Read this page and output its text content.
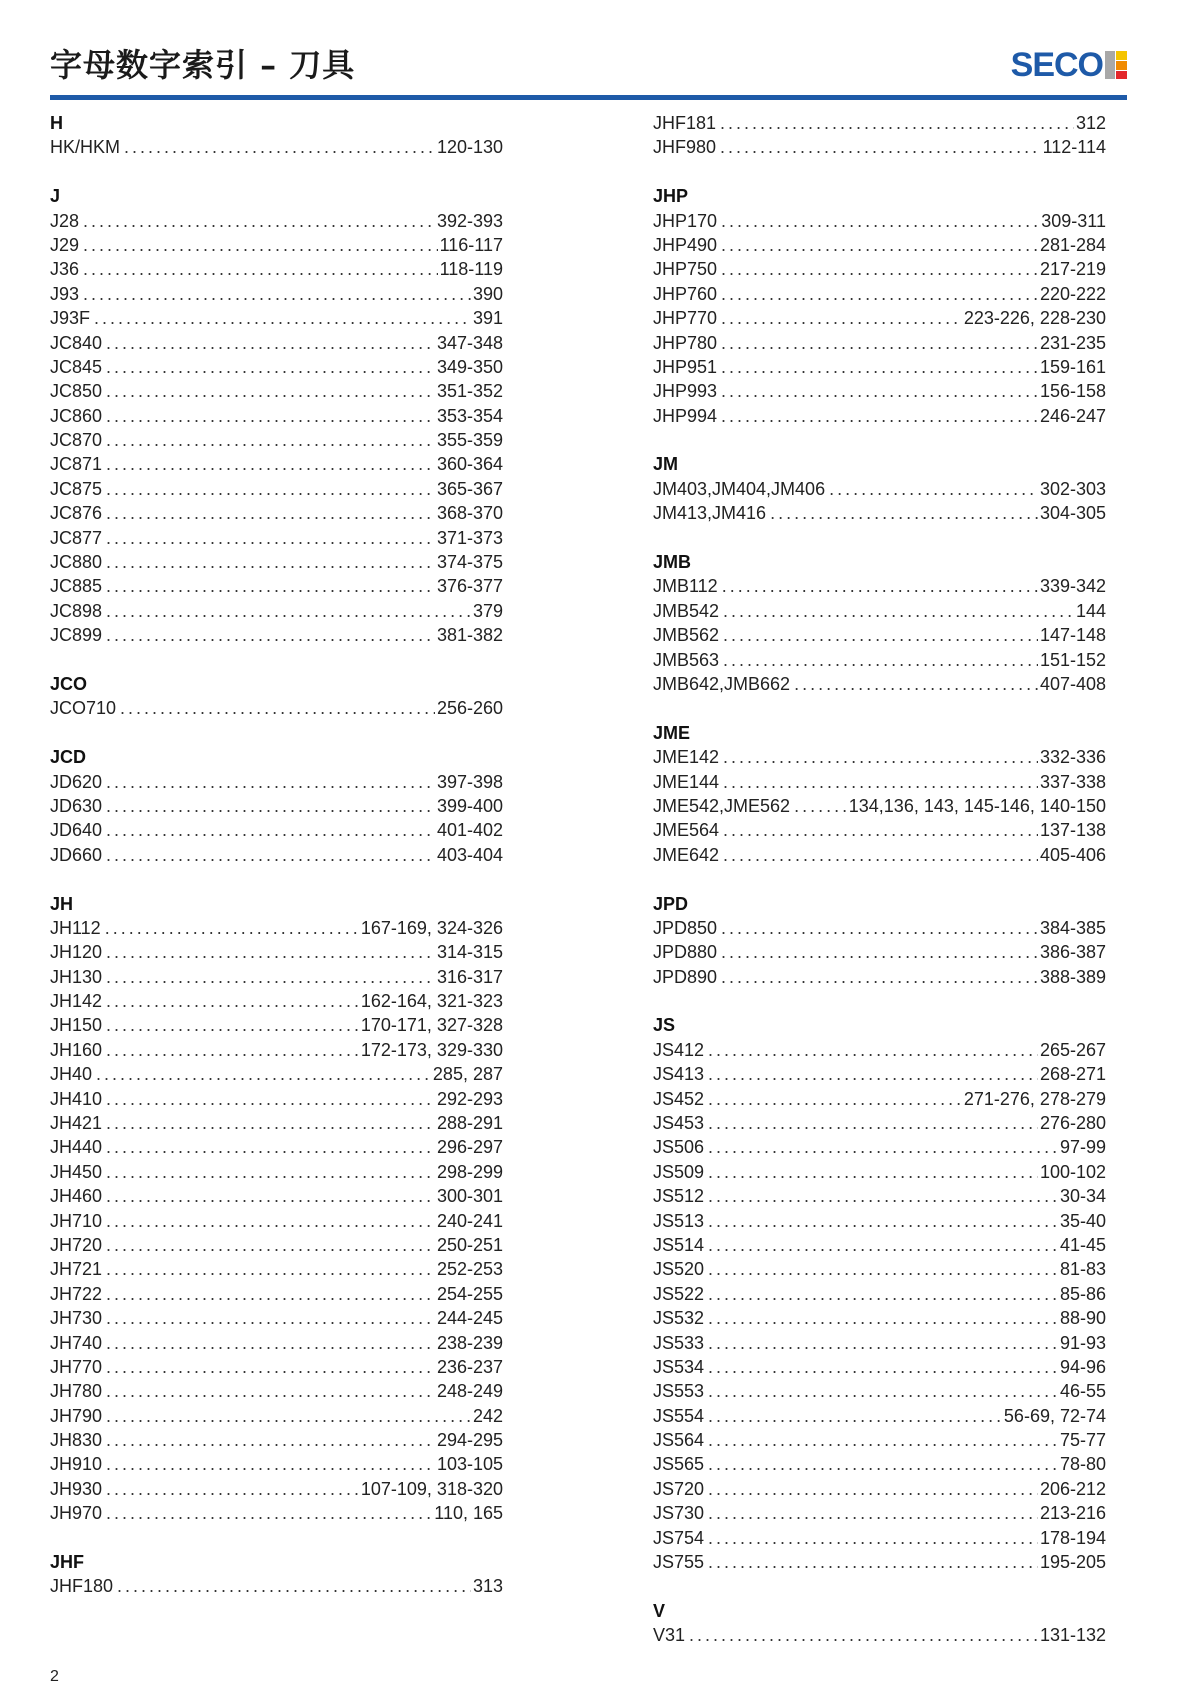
字母数字索引 – 刀具	SECO
H
HK/HKM .....	120-130
J
J28 .....	392-393
J29 .....	116-117
J36 .....	118-119
J93 .....	390
J93F .....	391
JC840 .....	347-348
JC845 .....	349-350
JC850 .....	351-352
JC860 .....	353-354
JC870 .....	355-359
JC871 .....	360-364
JC875 .....	365-367
JC876 .....	368-370
JC877 .....	371-373
JC880 .....	374-375
JC885 .....	376-377
JC898 .....	379
JC899 .....	381-382
JCO
JCO710 .....	256-260
JCD
JD620 .....	397-398
JD630 .....	399-400
JD640 .....	401-402
JD660 .....	403-404
JH
JH112 .....	167-169, 324-326
JH120 .....	314-315
JH130 .....	316-317
JH142 .....	162-164, 321-323
JH150 .....	170-171, 327-328
JH160 .....	172-173, 329-330
JH40 .....	285, 287
JH410 .....	292-293
JH421 .....	288-291
JH440 .....	296-297
JH450 .....	298-299
JH460 .....	300-301
JH710 .....	240-241
JH720 .....	250-251
JH721 .....	252-253
JH722 .....	254-255
JH730 .....	244-245
JH740 .....	238-239
JH770 .....	236-237
JH780 .....	248-249
JH790 .....	242
JH830 .....	294-295
JH910 .....	103-105
JH930 .....	107-109, 318-320
JH970 .....	110, 165
JHF
JHF180 .....	313
JHF181 .....	312
JHF980 .....	112-114
JHP
JHP170 .....	309-311
JHP490 .....	281-284
JHP750 .....	217-219
JHP760 .....	220-222
JHP770 .....	223-226, 228-230
JHP780 .....	231-235
JHP951 .....	159-161
JHP993 .....	156-158
JHP994 .....	246-247
JM
JM403,JM404,JM406 .....	302-303
JM413,JM416 .....	304-305
JMB
JMB112 .....	339-342
JMB542 .....	144
JMB562 .....	147-148
JMB563 .....	151-152
JMB642,JMB662 .....	407-408
JME
JME142 .....	332-336
JME144 .....	337-338
JME542,JME562 .....	134,136, 143, 145-146, 140-150
JME564 .....	137-138
JME642 .....	405-406
JPD
JPD850 .....	384-385
JPD880 .....	386-387
JPD890 .....	388-389
JS
JS412 .....	265-267
JS413 .....	268-271
JS452 .....	271-276, 278-279
JS453 .....	276-280
JS506 .....	97-99
JS509 .....	100-102
JS512 .....	30-34
JS513 .....	35-40
JS514 .....	41-45
JS520 .....	81-83
JS522 .....	85-86
JS532 .....	88-90
JS533 .....	91-93
JS534 .....	94-96
JS553 .....	46-55
JS554 .....	56-69, 72-74
JS564 .....	75-77
JS565 .....	78-80
JS720 .....	206-212
JS730 .....	213-216
JS754 .....	178-194
JS755 .....	195-205
V
V31 .....	131-132
2
